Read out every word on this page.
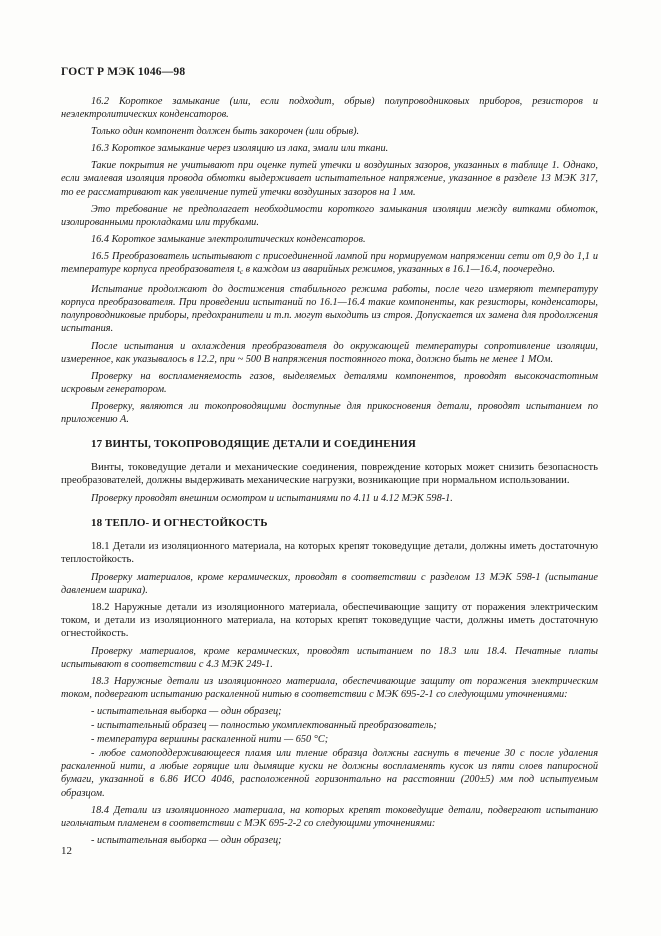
ГОСТ Р МЭК 1046—98

16.2 Короткое замыкание (или, если подходит, обрыв) полупроводниковых приборов, резисторов и неэлектролитических конденсаторов.

Только один компонент должен быть закорочен (или обрыв).

16.3 Короткое замыкание через изоляцию из лака, эмали или ткани.

Такие покрытия не учитывают при оценке путей утечки и воздушных зазоров, указанных в таблице 1. Однако, если эмалевая изоляция провода обмотки выдерживает испытательное напряжение, указанное в разделе 13 МЭК 317, то ее рассматривают как увеличение путей утечки воздушных зазоров на 1 мм.

Это требование не предполагает необходимости короткого замыкания изоляции между витками обмоток, изолированными прокладками или трубками.

16.4 Короткое замыкание электролитических конденсаторов.

16.5 Преобразователь испытывают с присоединенной лампой при нормируемом напряжении сети от 0,9 до 1,1 и температуре корпуса преобразователя $t_c$ в каждом из аварийных режимов, указанных в 16.1—16.4, поочередно.

Испытание продолжают до достижения стабильного режима работы, после чего измеряют температуру корпуса преобразователя. При проведении испытаний по 16.1—16.4 такие компоненты, как резисторы, конденсаторы, полупроводниковые приборы, предохранители и т.п. могут выходить из строя. Допускается их замена для продолжения испытания.

После испытания и охлаждения преобразователя до окружающей температуры сопротивление изоляции, измеренное, как указывалось в 12.2, при ~ 500 В напряжения постоянного тока, должно быть не менее 1 МОм.

Проверку на воспламеняемость газов, выделяемых деталями компонентов, проводят высокочастотным искровым генератором.

Проверку, являются ли токопроводящими доступные для прикосновения детали, проводят испытанием по приложению А.

17 ВИНТЫ, ТОКОПРОВОДЯЩИЕ ДЕТАЛИ И СОЕДИНЕНИЯ

Винты, токоведущие детали и механические соединения, повреждение которых может снизить безопасность преобразователей, должны выдерживать механические нагрузки, возникающие при нормальном использовании.

Проверку проводят внешним осмотром и испытаниями по 4.11 и 4.12 МЭК 598-1.

18 ТЕПЛО- И ОГНЕСТОЙКОСТЬ

18.1 Детали из изоляционного материала, на которых крепят токоведущие детали, должны иметь достаточную теплостойкость.

Проверку материалов, кроме керамических, проводят в соответствии с разделом 13 МЭК 598-1 (испытание давлением шарика).

18.2 Наружные детали из изоляционного материала, обеспечивающие защиту от поражения электрическим током, и детали из изоляционного материала, на которых крепят токоведущие части, должны иметь достаточную огнестойкость.

Проверку материалов, кроме керамических, проводят испытанием по 18.3 или 18.4. Печатные платы испытывают в соответствии с 4.3 МЭК 249-1.

18.3 Наружные детали из изоляционного материала, обеспечивающие защиту от поражения электрическим током, подвергают испытанию раскаленной нитью в соответствии с МЭК 695-2-1 со следующими уточнениями:

- испытательная выборка — один образец;
- испытательный образец — полностью укомплектованный преобразователь;
- температура вершины раскаленной нити — 650 °С;

- любое самоподдерживающееся пламя или тление образца должны гаснуть в течение 30 с после удаления раскаленной нити, а любые горящие или дымящие куски не должны воспламенять кусок из пяти слоев папиросной бумаги, указанной в 6.86 ИСО 4046, расположенной горизонтально на расстоянии (200±5) мм под испытуемым образцом.

18.4 Детали из изоляционного материала, на которых крепят токоведущие детали, подвергают испытанию игольчатым пламенем в соответствии с МЭК 695-2-2 со следующими уточнениями:

- испытательная выборка — один образец;
12
